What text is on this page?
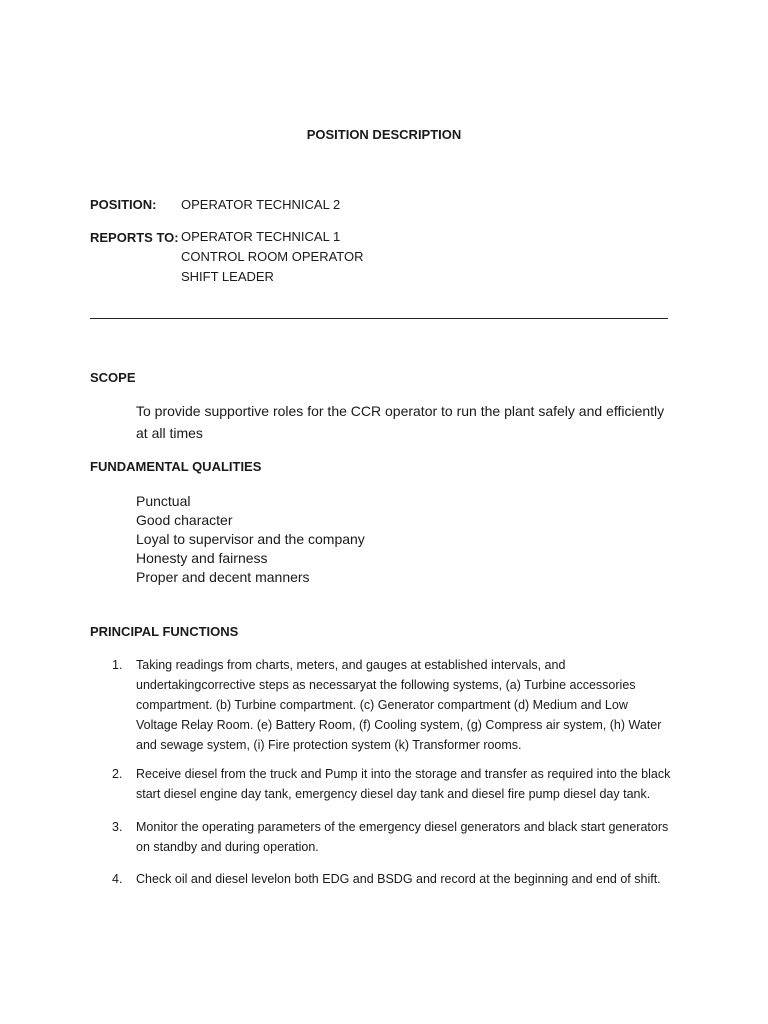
POSITION DESCRIPTION
POSITION: OPERATOR TECHNICAL 2
REPORTS TO: OPERATOR TECHNICAL 1
CONTROL ROOM OPERATOR
SHIFT LEADER
SCOPE
To provide supportive roles for the CCR operator to run the plant safely and efficiently at all times
FUNDAMENTAL QUALITIES
Punctual
Good character
Loyal to supervisor and the company
Honesty and fairness
Proper and decent manners
PRINCIPAL FUNCTIONS
1. Taking readings from charts, meters, and gauges at established intervals, and undertakingcorrective steps as necessaryat the following systems, (a) Turbine accessories compartment. (b) Turbine compartment. (c) Generator compartment (d) Medium and Low Voltage Relay Room. (e) Battery Room, (f) Cooling system, (g) Compress air system, (h) Water and sewage system, (i) Fire protection system (k) Transformer rooms.
2. Receive diesel from the truck and Pump it into the storage and transfer as required into the black start diesel engine day tank, emergency diesel day tank and diesel fire pump diesel day tank.
3. Monitor the operating parameters of the emergency diesel generators and black start generators on standby and during operation.
4. Check oil and diesel levelon both EDG and BSDG and record at the beginning and end of shift.
